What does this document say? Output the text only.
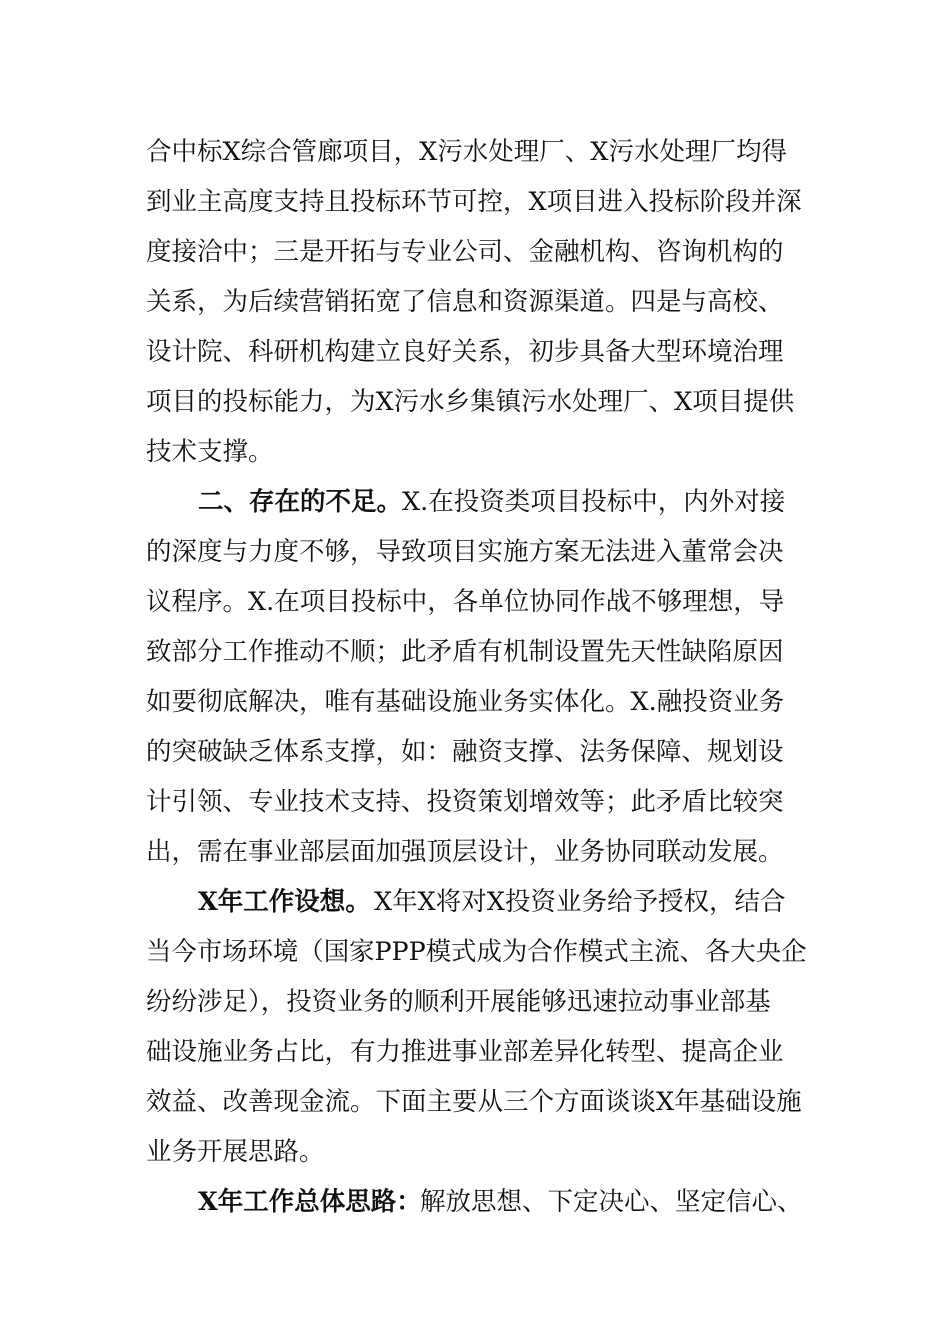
合中标X综合管廊项目，X污水处理厂、X污水处理厂均得
到业主高度支持且投标环节可控，X项目进入投标阶段并深
度接洽中；三是开拓与专业公司、金融机构、咨询机构的
关系，为后续营销拓宽了信息和资源渠道。四是与高校、
设计院、科研机构建立良好关系，初步具备大型环境治理
项目的投标能力，为X污水乡集镇污水处理厂、X项目提供
技术支撑。
二、存在的不足。 X.在投资类项目投标中，内外对接
的深度与力度不够，导致项目实施方案无法进入董常会决
议程序。X.在项目投标中，各单位协同作战不够理想，导
致部分工作推动不顺；此矛盾有机制设置先天性缺陷原因
如要彻底解决，唯有基础设施业务实体化。X.融投资业务
的突破缺乏体系支撑，如：融资支撑、法务保障、规划设
计引领、专业技术支持、投资策划增效等；此矛盾比较突
出，需在事业部层面加强顶层设计，业务协同联动发展。
X年工作设想。 X年X将对X投资业务给予授权，结合
当今市场环境（国家PPP模式成为合作模式主流、各大央企
纷纷涉足），投资业务的顺利开展能够迅速拉动事业部基
础设施业务占比，有力推进事业部差异化转型、提高企业
效益、改善现金流。下面主要从三个方面谈谈X年基础设施
业务开展思路。
X年工作总体思路：
解放思想、下定决心、坚定信心、
